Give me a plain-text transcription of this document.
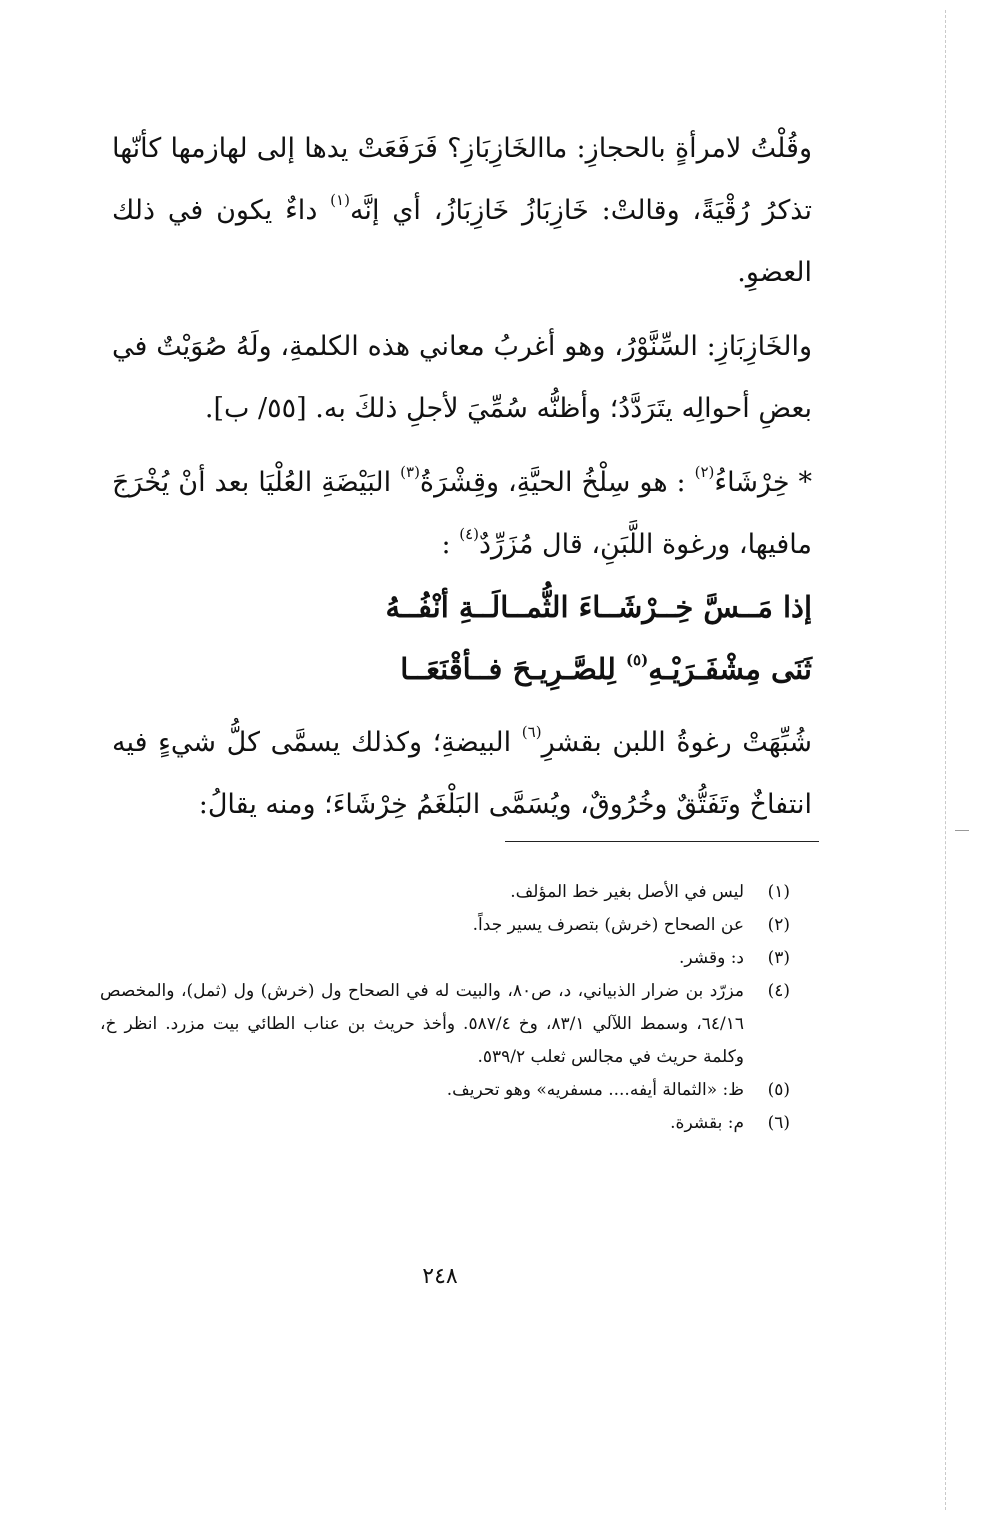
وقُلْتُ لامرأةٍ بالحجازِ: ماالخَازِبَازِ؟ فَرَفَعَتْ يدها إلى لهازمها كأنّها تذكرُ رُقْيَةً، وقالتْ: خَازِبَازُ خَازِبَازُ، أي إنَّه$^{(١)}$ داءٌ يكون في ذلك العضوِ.

والخَازِبَازِ: السِّنَّوْرُ، وهو أغربُ معاني هذه الكلمةِ، ولَهُ صُوَيْتٌ في بعضِ أحوالِه يتَرَدَّدُ؛ وأظنُّه سُمِّيَ لأجلِ ذلكَ به. [٥٥/ ب].

* خِرْشَاءُ$^{(٢)}$ : هو سِلْخُ الحيَّةِ، وقِشْرَةُ$^{(٣)}$ البَيْضَةِ العُلْيَا بعد أنْ يُخْرَجَ مافيها، ورغوة اللَّبَنِ، قال مُزَرِّدٌ$^{(٤)}$ :

إذا مَــسَّ خِــرْشَــاءَ الثُّمــالَــةِ أنْفُــهُ
ثَنَى مِشْفَـرَيْـهِ$^{(٥)}$ لِلصَّـرِيـحَ فــأقْنَعَــا

شُبِّهَتْ رغوةُ اللبن بقشرِ$^{(٦)}$ البيضةِ؛ وكذلك يسمَّى كلُّ شيءٍ فيه انتفاخٌ وتَفَتُّقٌ وخُرُوقٌ، ويُسَمَّى البَلْغَمُ خِرْشَاءَ؛ ومنه يقالُ:

(١)
ليس في الأصل بغير خط المؤلف.
(٢)
عن الصحاح (خرش) بتصرف يسير جداً.
(٣)
د: وقشر.
(٤)
مزرّد بن ضرار الذبياني، د، ص٨٠، والبيت له في الصحاح ول (خرش) ول (ثمل)، والمخصص ٦٤/١٦، وسمط اللآلي ٨٣/١، وخ ٥٨٧/٤. وأخذ حريث بن عناب الطائي بيت مزرد. انظر خ، وكلمة حريث في مجالس ثعلب ٥٣٩/٢.
(٥)
ظ: «الثمالة أيفه.... مسفريه» وهو تحريف.
(٦)
م: بقشرة.
٢٤٨
